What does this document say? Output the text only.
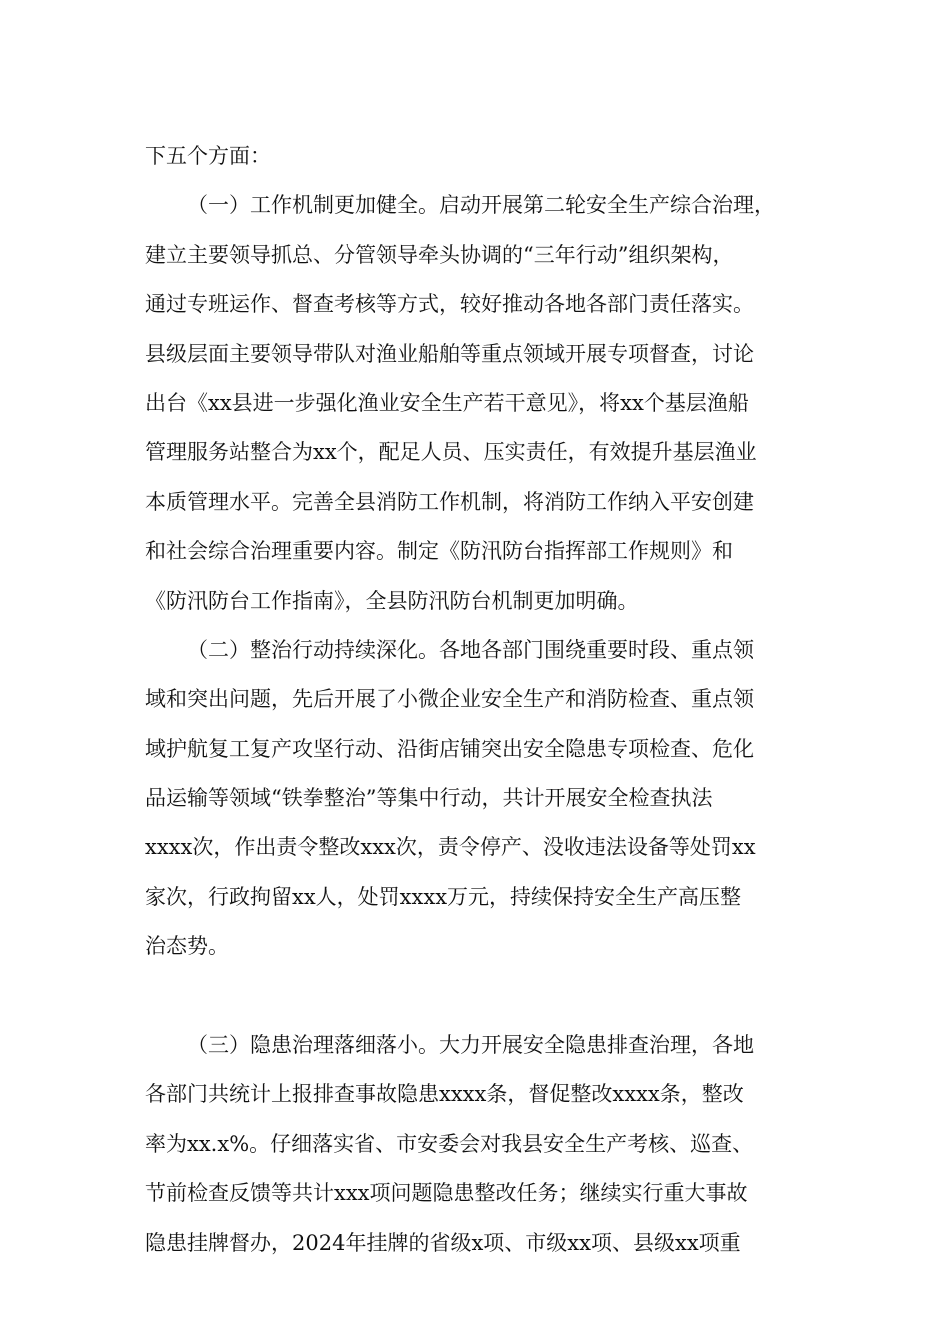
下五个方面：
（一）工作机制更加健全。启动开展第二轮安全生产综合治理，
建立主要领导抓总、分管领导牵头协调的“三年行动”组织架构，
通过专班运作、督查考核等方式，较好推动各地各部门责任落实。
县级层面主要领导带队对渔业船舶等重点领域开展专项督查，讨论
出台《xx县进一步强化渔业安全生产若干意见》，将xx个基层渔船
管理服务站整合为xx个，配足人员、压实责任，有效提升基层渔业
本质管理水平。完善全县消防工作机制，将消防工作纳入平安创建
和社会综合治理重要内容。制定《防汛防台指挥部工作规则》和
《防汛防台工作指南》，全县防汛防台机制更加明确。
（二）整治行动持续深化。各地各部门围绕重要时段、重点领
域和突出问题，先后开展了小微企业安全生产和消防检查、重点领
域护航复工复产攻坚行动、沿街店铺突出安全隐患专项检查、危化
品运输等领域“铁拳整治”等集中行动，共计开展安全检查执法
xxxx次，作出责令整改xxx次，责令停产、没收违法设备等处罚xx
家次，行政拘留xx人，处罚xxxx万元，持续保持安全生产高压整
治态势。
（三）隐患治理落细落小。大力开展安全隐患排查治理，各地
各部门共统计上报排查事故隐患xxxx条，督促整改xxxx条，整改
率为xx.x%。仔细落实省、市安委会对我县安全生产考核、巡查、
节前检查反馈等共计xxx项问题隐患整改任务；继续实行重大事故
隐患挂牌督办，2024年挂牌的省级x项、市级xx项、县级xx项重
